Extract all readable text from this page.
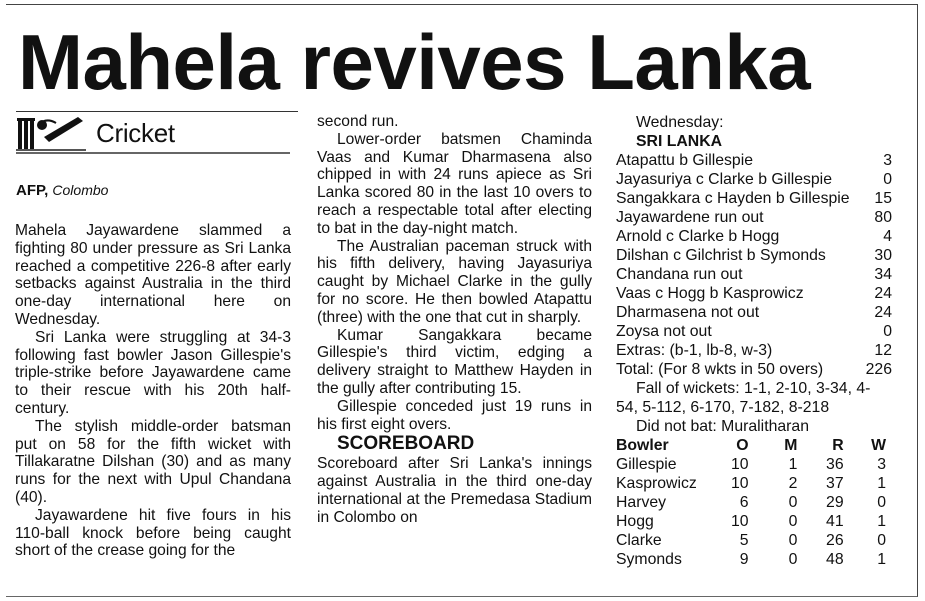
Mahela revives Lanka
Cricket
AFP, Colombo

Mahela Jayawardene slammed a fighting 80 under pressure as Sri Lanka reached a competitive 226-8 after early setbacks against Australia in the third one-day international here on Wednesday.

Sri Lanka were struggling at 34-3 following fast bowler Jason Gillespie's triple-strike before Jayawardene came to their rescue with his 20th half-century.

The stylish middle-order batsman put on 58 for the fifth wicket with Tillakaratne Dilshan (30) and as many runs for the next with Upul Chandana (40).

Jayawardene hit five fours in his 110-ball knock before being caught short of the crease going for the

second run.

Lower-order batsmen Chaminda Vaas and Kumar Dharmasena also chipped in with 24 runs apiece as Sri Lanka scored 80 in the last 10 overs to reach a respectable total after electing to bat in the day-night match.

The Australian paceman struck with his fifth delivery, having Jayasuriya caught by Michael Clarke in the gully for no score. He then bowled Atapattu (three) with the one that cut in sharply.

Kumar Sangakkara became Gillespie's third victim, edging a delivery straight to Matthew Hayden in the gully after contributing 15.

Gillespie conceded just 19 runs in his first eight overs.

SCOREBOARD

Scoreboard after Sri Lanka's innings against Australia in the third one-day international at the Premedasa Stadium in Colombo on

Wednesday:

SRI LANKA

Atapattu b Gillespie	3
Jayasuriya c Clarke b Gillespie	0
Sangakkara c Hayden b Gillespie 15
Jayawardene run out	80
Arnold c Clarke b Hogg	4
Dilshan c Gilchrist b Symonds	30
Chandana run out	34
Vaas c Hogg b Kasprowicz	24
Dharmasena not out	24
Zoysa not out	0
Extras: (b-1, lb-8, w-3)	12
Total: (For 8 wkts in 50 overs)	226

Fall of wickets: 1-1, 2-10, 3-34, 4-54, 5-112, 6-170, 7-182, 8-218

Did not bat: Muralitharan

Bowler	O	M	R	W
Gillespie	10	1	36	3
Kasprowicz	10	2	37	1
Harvey	6	0	29	0
Hogg	10	0	41	1
Clarke	5	0	26	0
Symonds	9	0	48	1
